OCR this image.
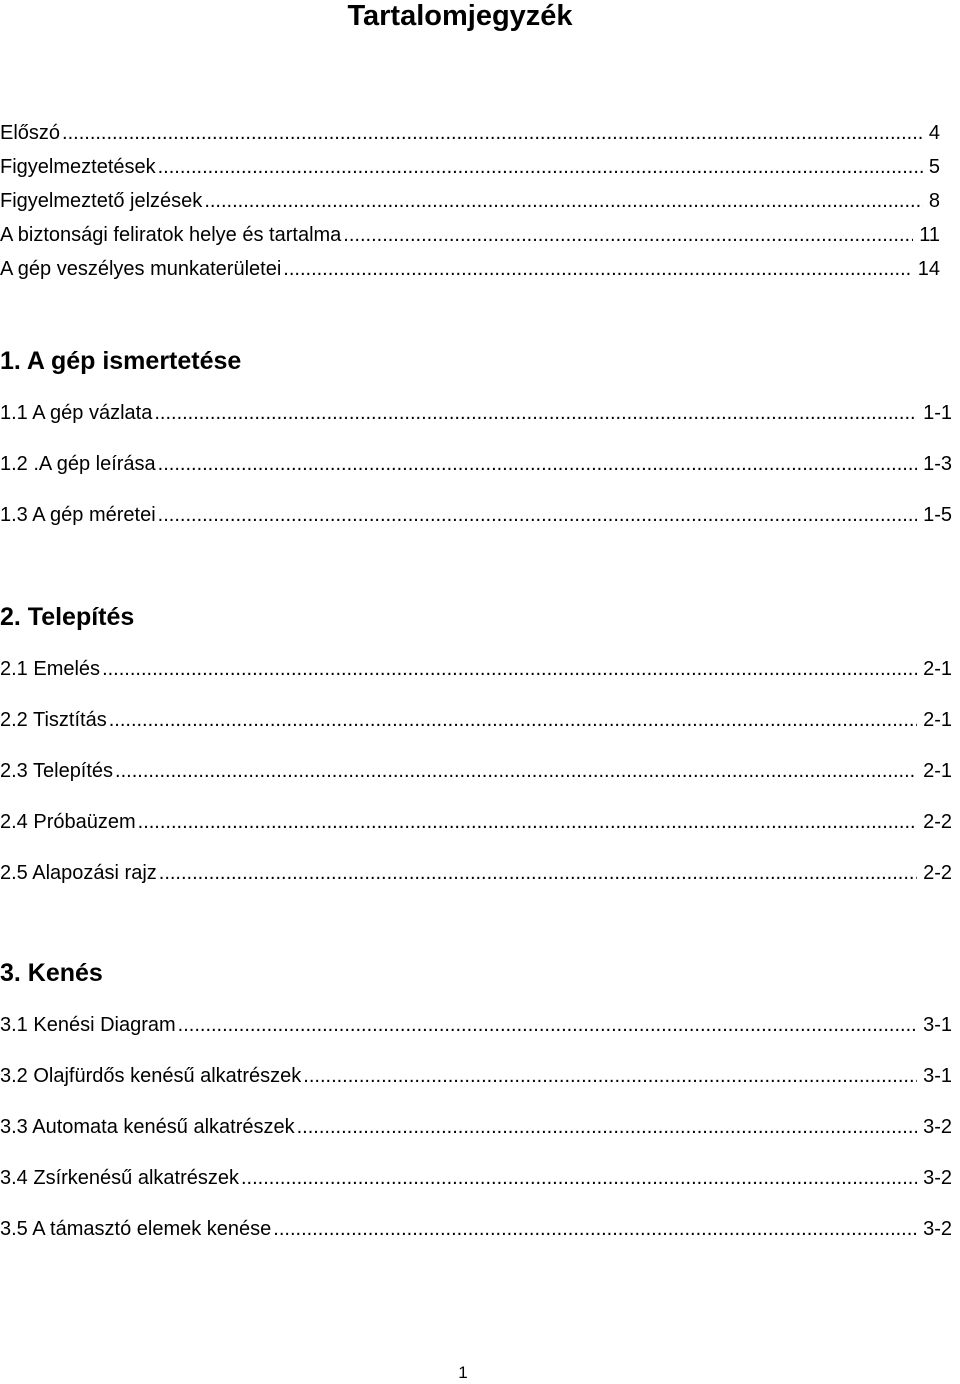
Tartalomjegyzék
Előszó .....	4
Figyelmeztetések .....	5
Figyelmeztető jelzések .....	8
A biztonsági feliratok helye és tartalma .....	11
A gép veszélyes munkaterületei .....	14
1. A gép ismertetése
1.1 A gép vázlata .....	1-1
1.2 .A gép leírása .....	1-3
1.3 A gép méretei .....	1-5
2. Telepítés
2.1 Emelés .....	2-1
2.2 Tisztítás .....	2-1
2.3 Telepítés .....	2-1
2.4 Próbaüzem .....	2-2
2.5 Alapozási rajz .....	2-2
3. Kenés
3.1 Kenési Diagram .....	3-1
3.2 Olajfürdős kenésű alkatrészek .....	3-1
3.3 Automata kenésű alkatrészek .....	3-2
3.4 Zsírkenésű alkatrészek .....	3-2
3.5 A támasztó elemek kenése .....	3-2
1
